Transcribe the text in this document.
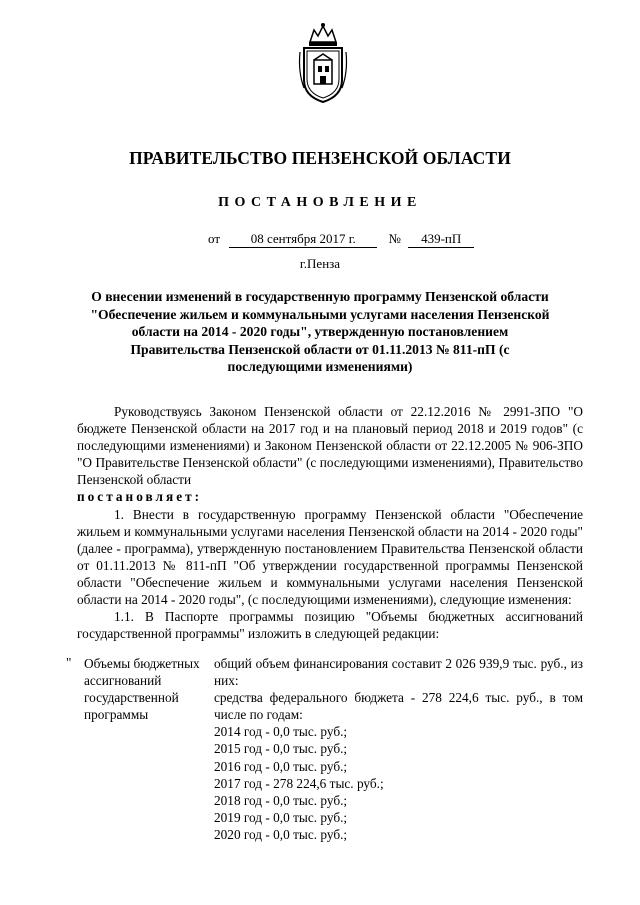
ПРАВИТЕЛЬСТВО ПЕНЗЕНСКОЙ ОБЛАСТИ
ПОСТАНОВЛЕНИЕ
от 08 сентября 2017 г.	№ 439-пП
г.Пенза
О внесении изменений в государственную программу Пензенской области "Обеспечение жильем и коммунальными услугами населения Пензенской области на 2014 - 2020 годы", утвержденную постановлением Правительства Пензенской области от 01.11.2013 № 811-пП (с последующими изменениями)

Руководствуясь Законом Пензенской области от 22.12.2016 № 2991-ЗПО "О бюджете Пензенской области на 2017 год и на плановый период 2018 и 2019 годов" (с последующими изменениями) и Законом Пензенской области от 22.12.2005 № 906-ЗПО "О Правительстве Пензенской области" (с последующими изменениями), Правительство Пензенской области
постановляет:

1. Внести в государственную программу Пензенской области "Обеспечение жильем и коммунальными услугами населения Пензенской области на 2014 - 2020 годы" (далее - программа), утвержденную постановлением Правительства Пензенской области от 01.11.2013 № 811-пП "Об утверждении государственной программы Пензенской области "Обеспечение жильем и коммунальными услугами населения Пензенской области на 2014 - 2020 годы", (с последующими изменениями), следующие изменения:

1.1. В Паспорте программы позицию "Объемы бюджетных ассигнований государственной программы" изложить в следующей редакции:

" Объемы бюджетных ассигнований государственной программы
общий объем финансирования составит 2 026 939,9 тыс. руб., из них:
средства федерального бюджета - 278 224,6 тыс. руб., в том числе по годам:
2014 год - 0,0 тыс. руб.;
2015 год - 0,0 тыс. руб.;
2016 год - 0,0 тыс. руб.;
2017 год - 278 224,6 тыс. руб.;
2018 год - 0,0 тыс. руб.;
2019 год - 0,0 тыс. руб.;
2020 год - 0,0 тыс. руб.;
